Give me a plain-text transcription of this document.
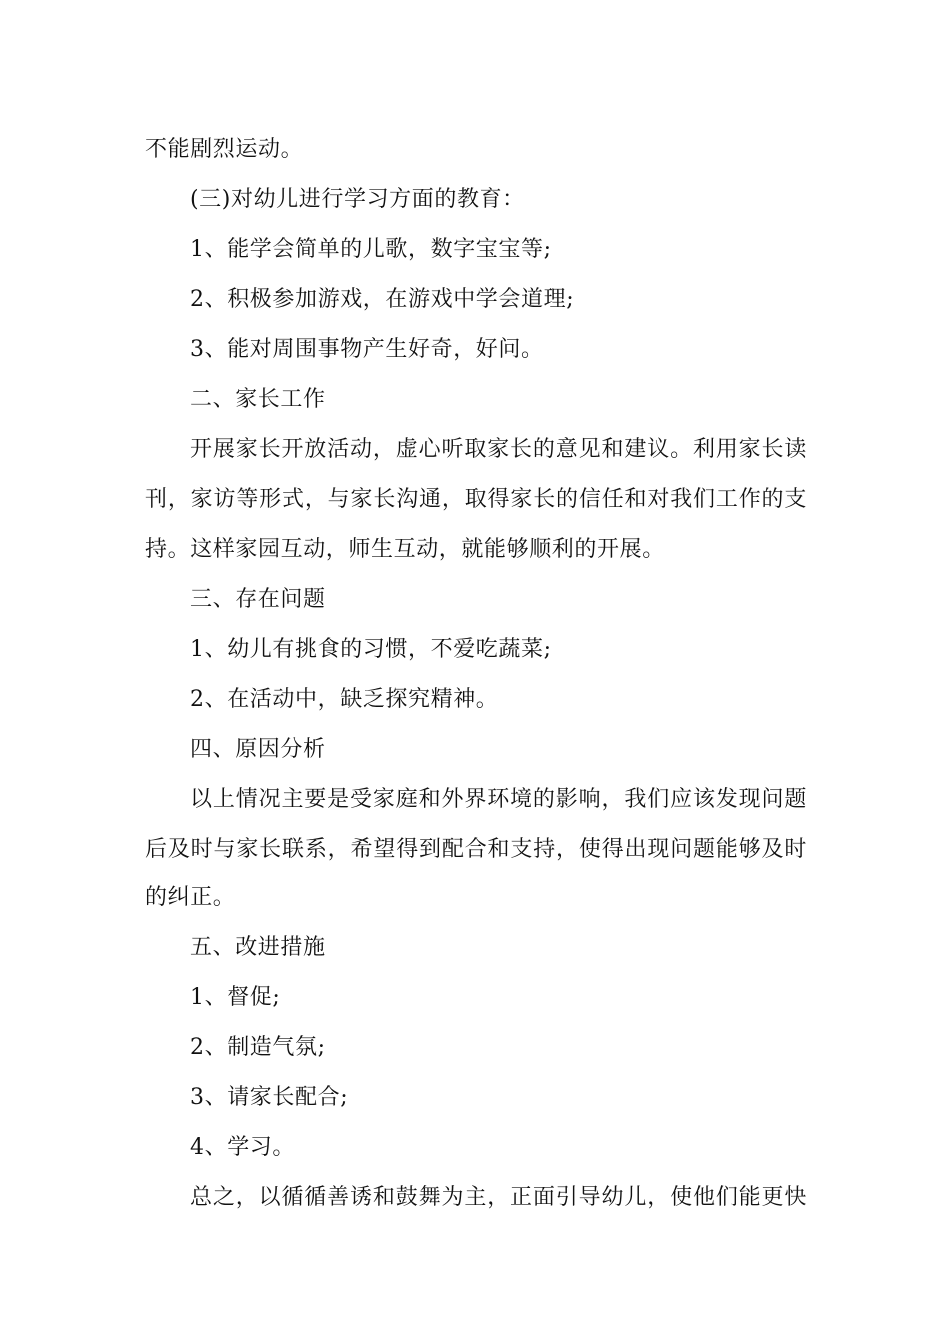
不能剧烈运动。
(三)对幼儿进行学习方面的教育：
1、能学会简单的儿歌，数字宝宝等;
2、积极参加游戏，在游戏中学会道理;
3、能对周围事物产生好奇，好问。
二、家长工作
开展家长开放活动，虚心听取家长的意见和建议。利用家长读
刊，家访等形式，与家长沟通，取得家长的信任和对我们工作的支
持。这样家园互动，师生互动，就能够顺利的开展。
三、存在问题
1、幼儿有挑食的习惯，不爱吃蔬菜;
2、在活动中，缺乏探究精神。
四、原因分析
以上情况主要是受家庭和外界环境的影响，我们应该发现问题
后及时与家长联系，希望得到配合和支持，使得出现问题能够及时
的纠正。
五、改进措施
1、督促;
2、制造气氛;
3、请家长配合;
4、学习。
总之，以循循善诱和鼓舞为主，正面引导幼儿，使他们能更快
